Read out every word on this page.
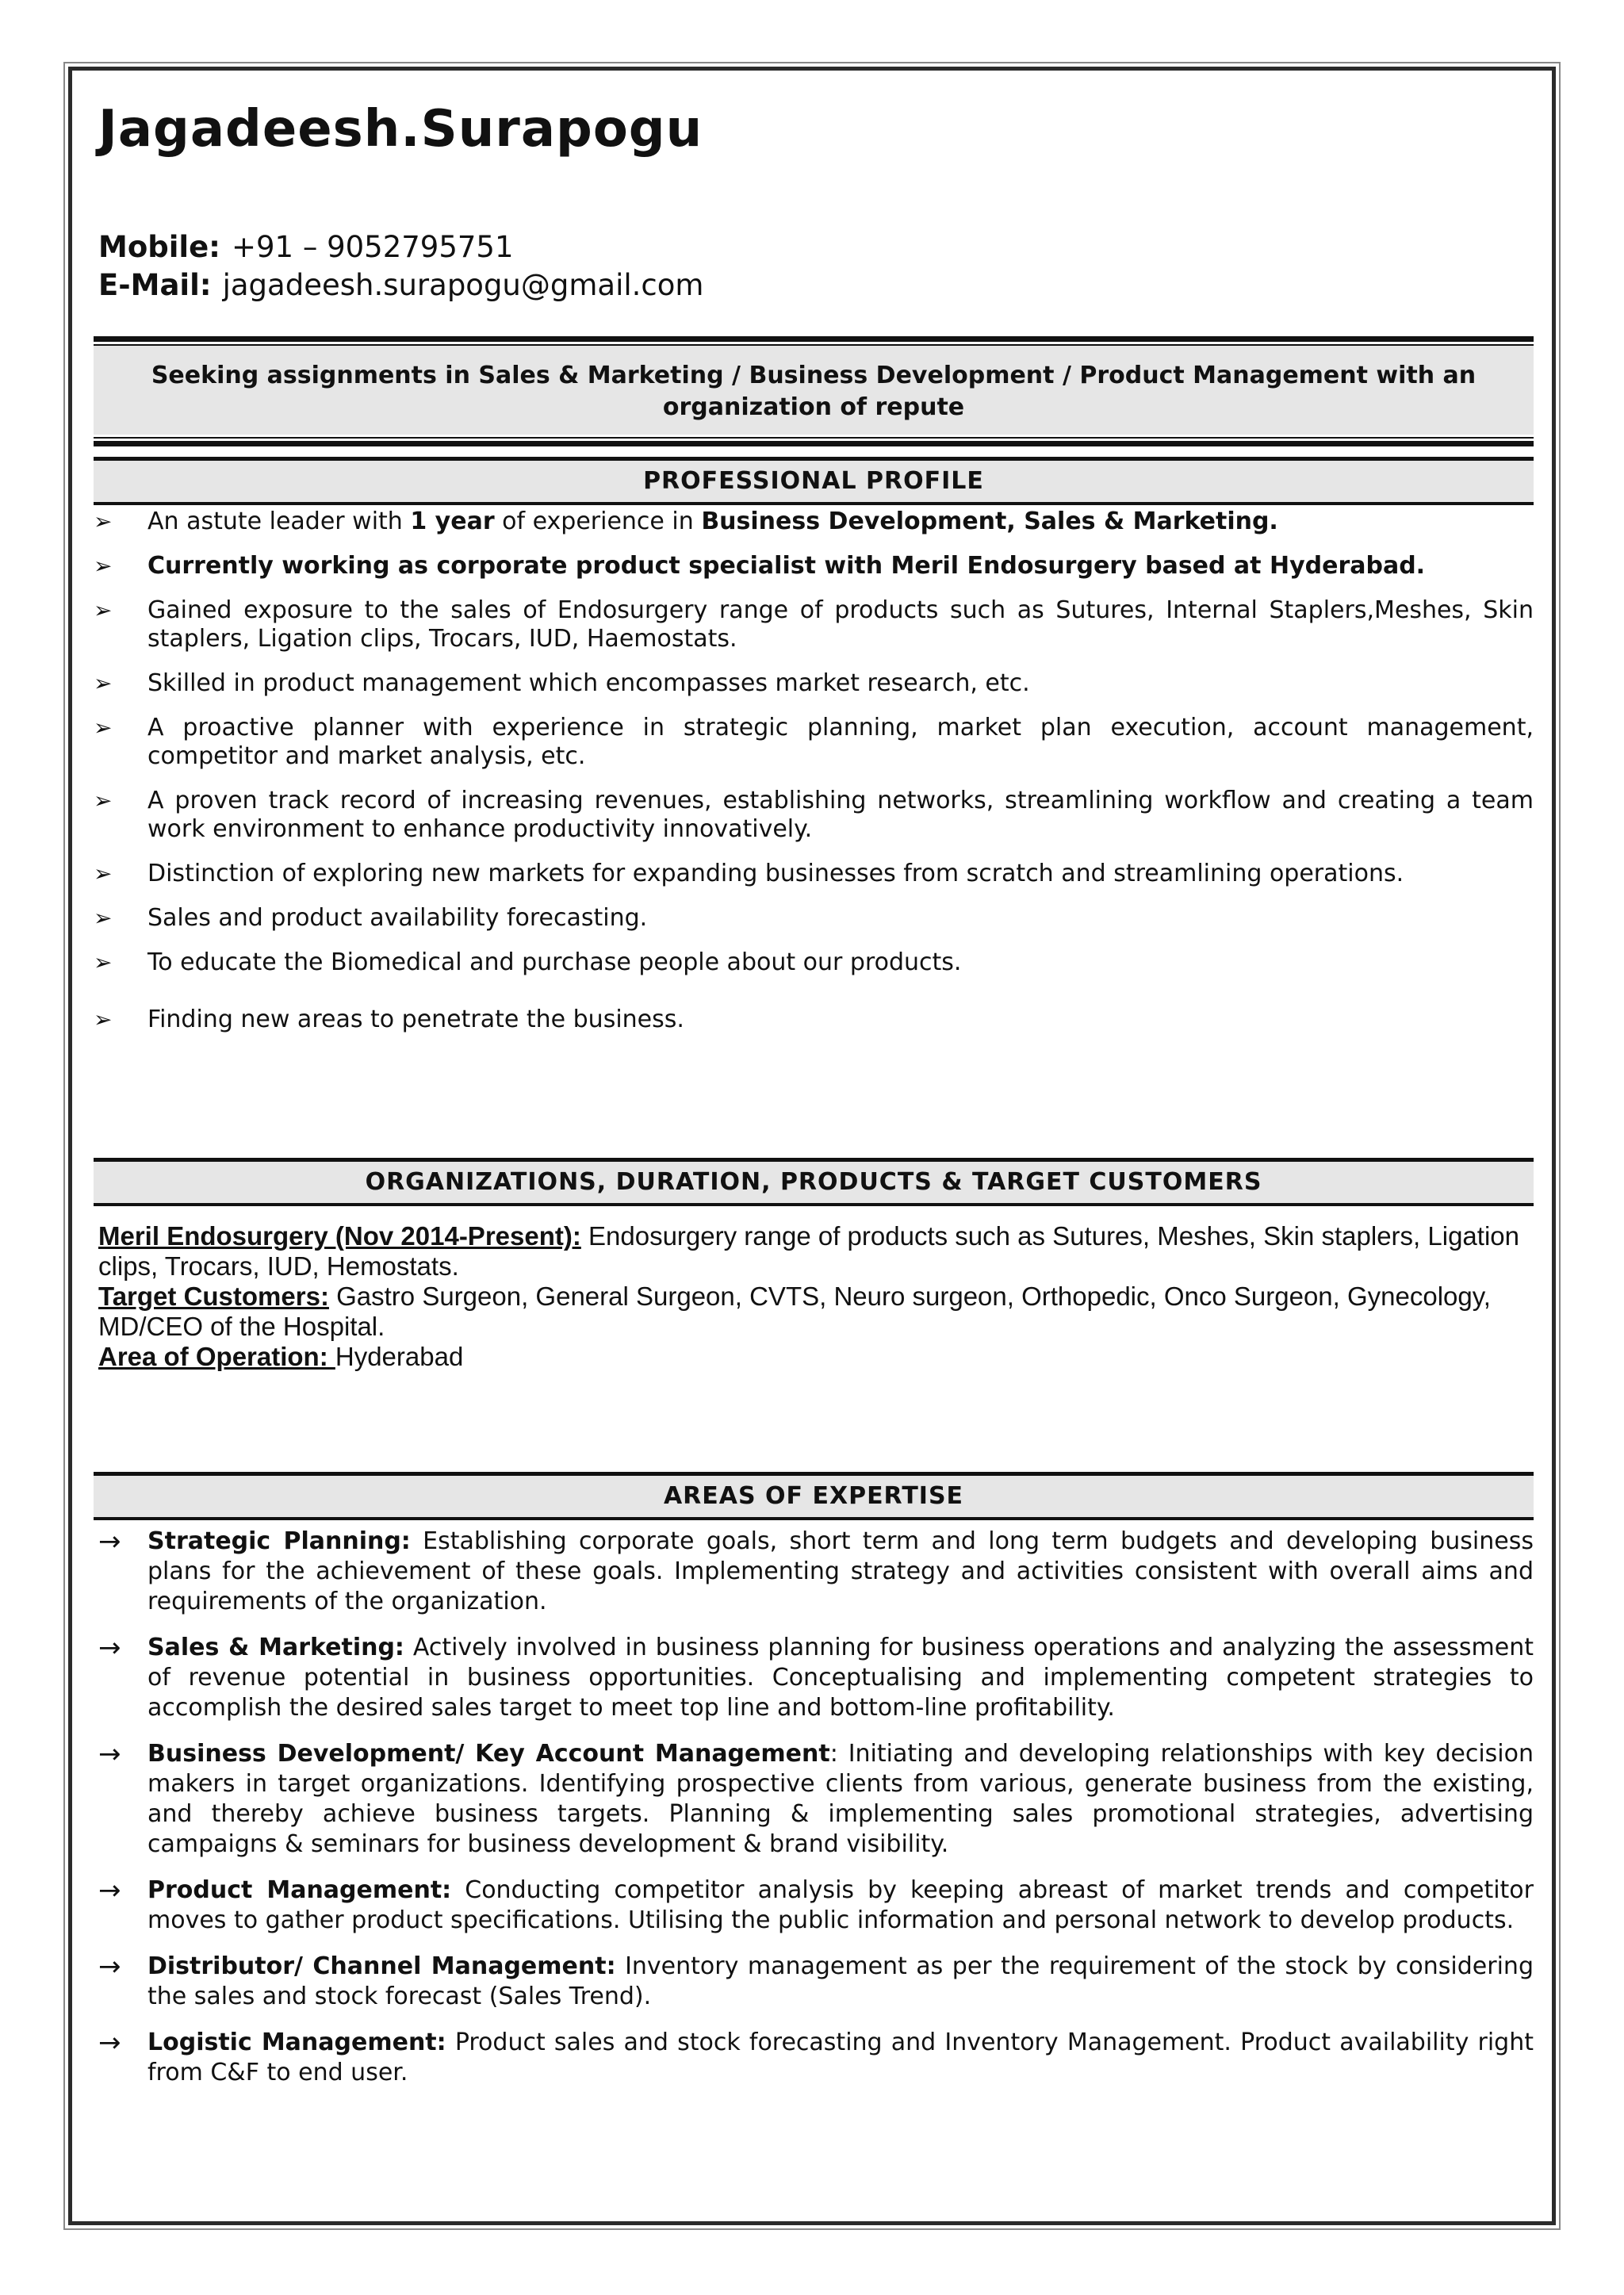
Jagadeesh.Surapogu
Mobile: +91 – 9052795751
E-Mail: jagadeesh.surapogu@gmail.com
Seeking assignments in Sales & Marketing / Business Development / Product Management with an organization of repute
PROFESSIONAL PROFILE
➢ An astute leader with 1 year of experience in Business Development, Sales & Marketing.
➢ Currently working as corporate product specialist with Meril Endosurgery based at Hyderabad.
➢ Gained exposure to the sales of Endosurgery range of products such as Sutures, Internal Staplers,Meshes, Skin staplers, Ligation clips, Trocars, IUD, Haemostats.
➢ Skilled in product management which encompasses market research, etc.
➢ A proactive planner with experience in strategic planning, market plan execution, account management, competitor and market analysis, etc.
➢ A proven track record of increasing revenues, establishing networks, streamlining workflow and creating a team work environment to enhance productivity innovatively.
➢ Distinction of exploring new markets for expanding businesses from scratch and streamlining operations.
➢ Sales and product availability forecasting.
➢ To educate the Biomedical and purchase people about our products.
➢ Finding new areas to penetrate the business.
ORGANIZATIONS, DURATION, PRODUCTS & TARGET CUSTOMERS
Meril Endosurgery (Nov 2014-Present): Endosurgery range of products such as Sutures, Meshes, Skin staplers, Ligation clips, Trocars, IUD, Hemostats.
Target Customers: Gastro Surgeon, General Surgeon, CVTS, Neuro surgeon, Orthopedic, Onco Surgeon, Gynecology, MD/CEO of the Hospital.
Area of Operation: Hyderabad
AREAS OF EXPERTISE
→ Strategic Planning: Establishing corporate goals, short term and long term budgets and developing business plans for the achievement of these goals. Implementing strategy and activities consistent with overall aims and requirements of the organization.
→ Sales & Marketing: Actively involved in business planning for business operations and analyzing the assessment of revenue potential in business opportunities. Conceptualising and implementing competent strategies to accomplish the desired sales target to meet top line and bottom-line profitability.
→ Business Development/ Key Account Management: Initiating and developing relationships with key decision makers in target organizations. Identifying prospective clients from various, generate business from the existing, and thereby achieve business targets. Planning & implementing sales promotional strategies, advertising campaigns & seminars for business development & brand visibility.
→ Product Management: Conducting competitor analysis by keeping abreast of market trends and competitor moves to gather product specifications. Utilising the public information and personal network to develop products.
→ Distributor/ Channel Management: Inventory management as per the requirement of the stock by considering the sales and stock forecast (Sales Trend).
→ Logistic Management: Product sales and stock forecasting and Inventory Management. Product availability right from C&F to end user.
